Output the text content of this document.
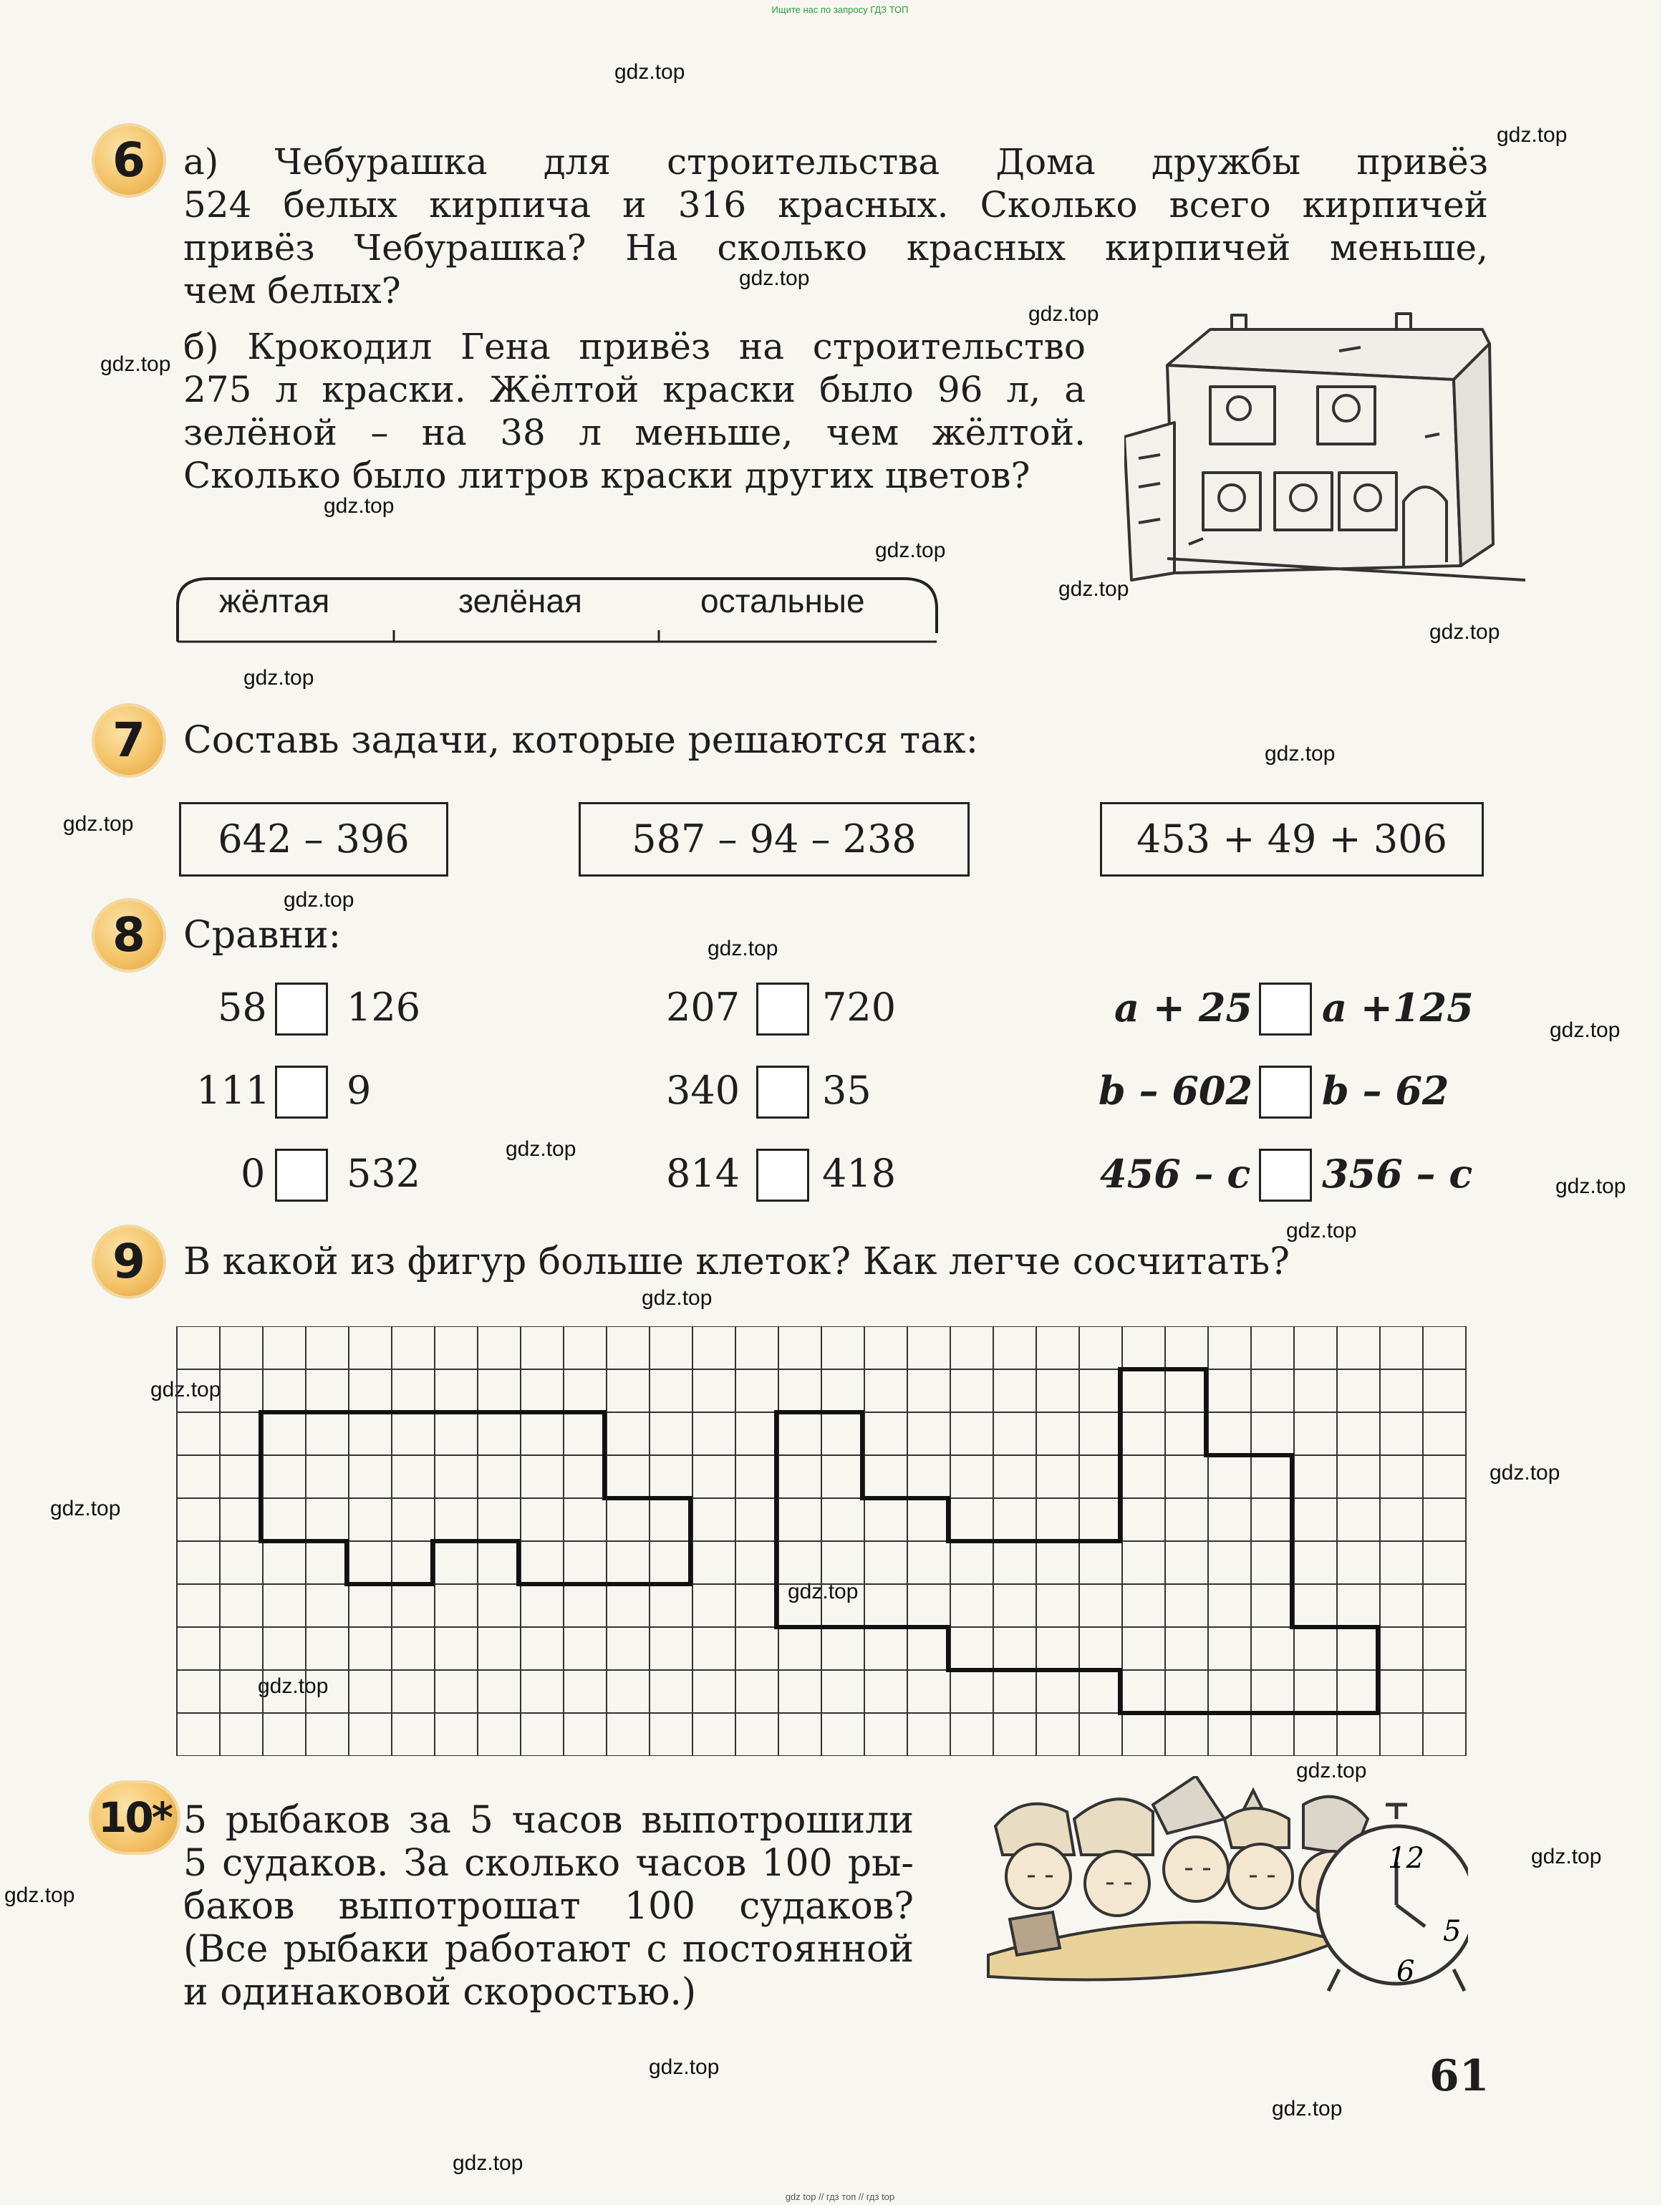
Ищите нас по запросу ГДЗ ТОП
gdz.top
gdz.top
gdz.top
gdz.top
gdz.top
gdz.top
gdz.top
gdz.top
gdz.top
gdz.top
gdz.top
gdz.top
gdz.top
gdz.top
gdz.top
gdz.top
gdz.top
gdz.top
gdz.top
gdz.top
gdz.top
gdz.top
gdz.top
gdz.top
gdz.top
gdz.top
gdz.top
gdz.top
gdz.top
gdz.top
6	а) Чебурашка для строительства Дома дружбы привёз
524 белых кирпича и 316 красных. Сколько всего кирпичей
привёз Чебурашка? На сколько красных кирпичей меньше,
чем белых?
б) Крокодил Гена привёз на строительство
275 л краски. Жёлтой краски было 96 л, а
зелёной – на 38 л меньше, чем жёлтой.
Сколько было литров краски других цветов?
жёлтая	зелёная	остальные
7	Составь задачи, которые решаются так:
642 – 396	587 – 94 – 238	453 + 49 + 306
8	Сравни:
58 126	207 720	a + 25 a +125
111 9	340 35	b – 602 b – 62
0 532	814 418	456 – c 356 – c
9	В какой из фигур больше клеток? Как легче сосчитать?
10* 5 рыбаков за 5 часов выпотрошили
5 судаков. За сколько часов 100 ры-
баков выпотрошат 100 судаков?
(Все рыбаки работают с постоянной
и одинаковой скоростью.)
12
5
6
61
gdz top // гдз топ // гдз top
